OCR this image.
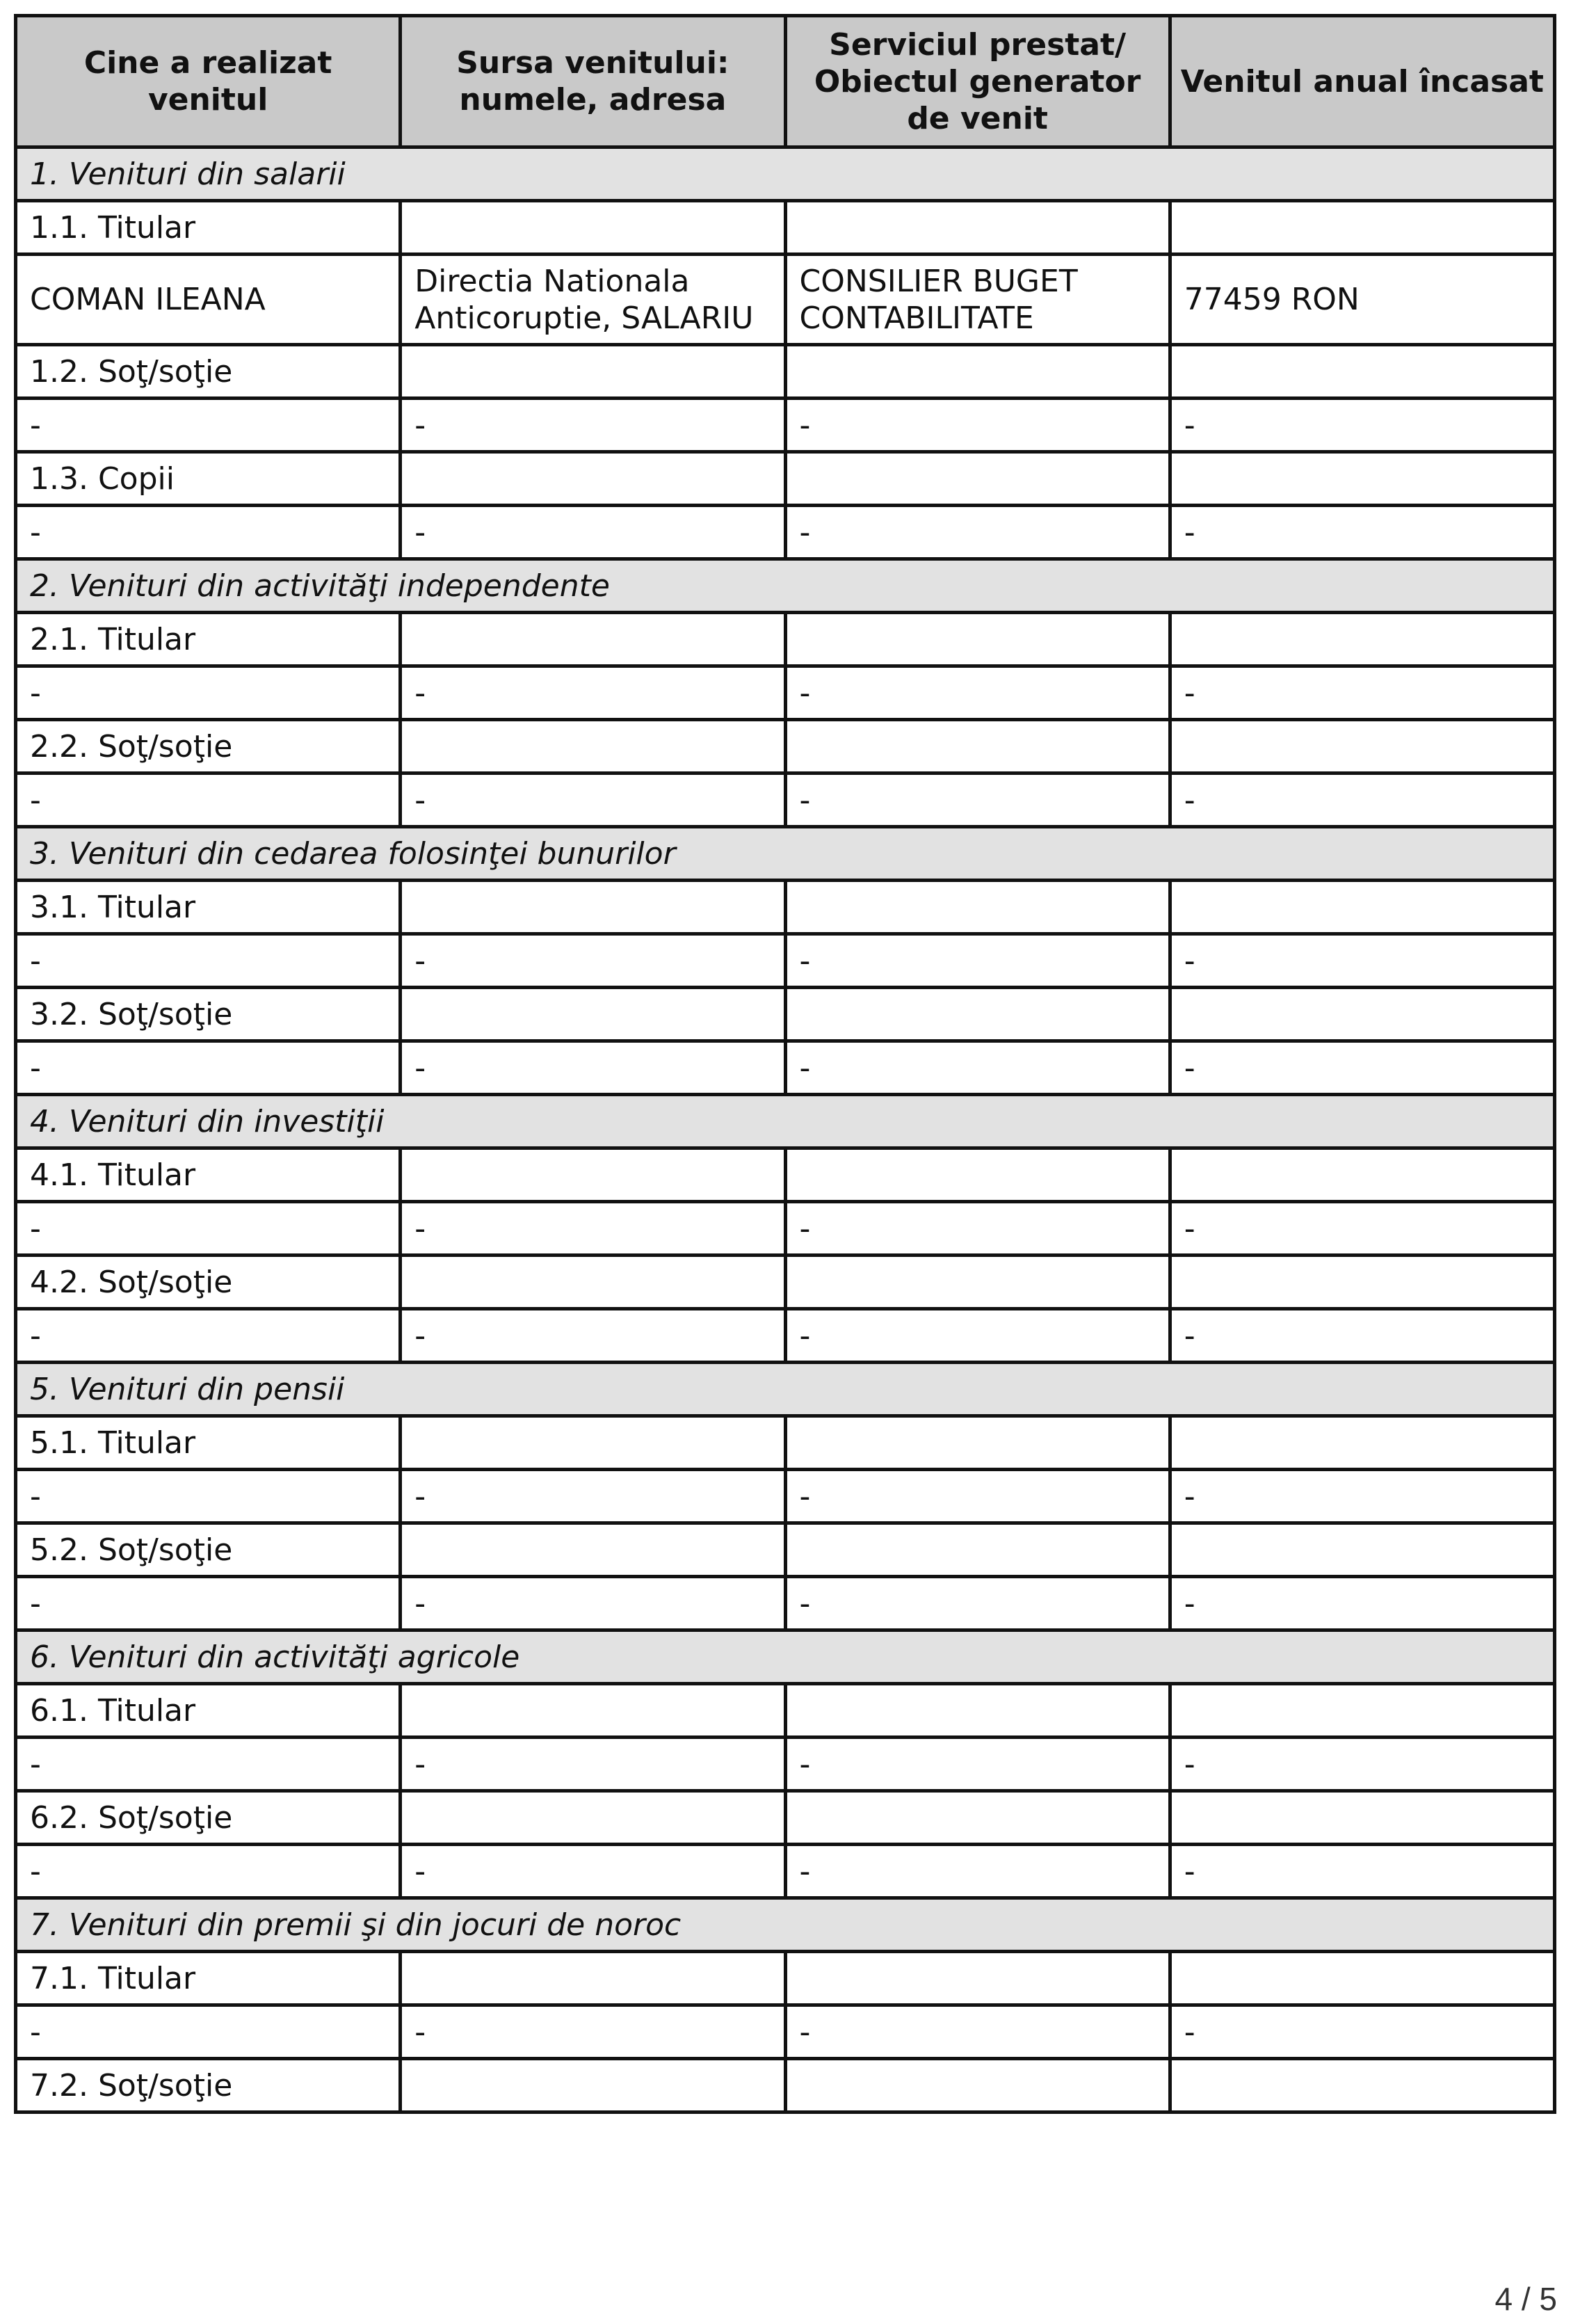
Cine a realizat venitul	Sursa venitului: numele, adresa	Serviciul prestat/ Obiectul generator de venit	Venitul anual încasat
1. Venituri din salarii			
1.1. Titular			
COMAN ILEANA	Directia Nationala Anticoruptie, SALARIU	CONSILIER BUGET CONTABILITATE	77459 RON
1.2. Soţ/soţie			
-	-	-	-
1.3. Copii			
-	-	-	-
2. Venituri din activităţi independente			
2.1. Titular			
-	-	-	-
2.2. Soţ/soţie			
-	-	-	-
3. Venituri din cedarea folosinţei bunurilor			
3.1. Titular			
-	-	-	-
3.2. Soţ/soţie			
-	-	-	-
4. Venituri din investiţii			
4.1. Titular			
-	-	-	-
4.2. Soţ/soţie			
-	-	-	-
5. Venituri din pensii			
5.1. Titular			
-	-	-	-
5.2. Soţ/soţie			
-	-	-	-
6. Venituri din activităţi agricole			
6.1. Titular			
-	-	-	-
6.2. Soţ/soţie			
-	-	-	-
7. Venituri din premii şi din jocuri de noroc			
7.1. Titular			
-	-	-	-
7.2. Soţ/soţie			
4 / 5
